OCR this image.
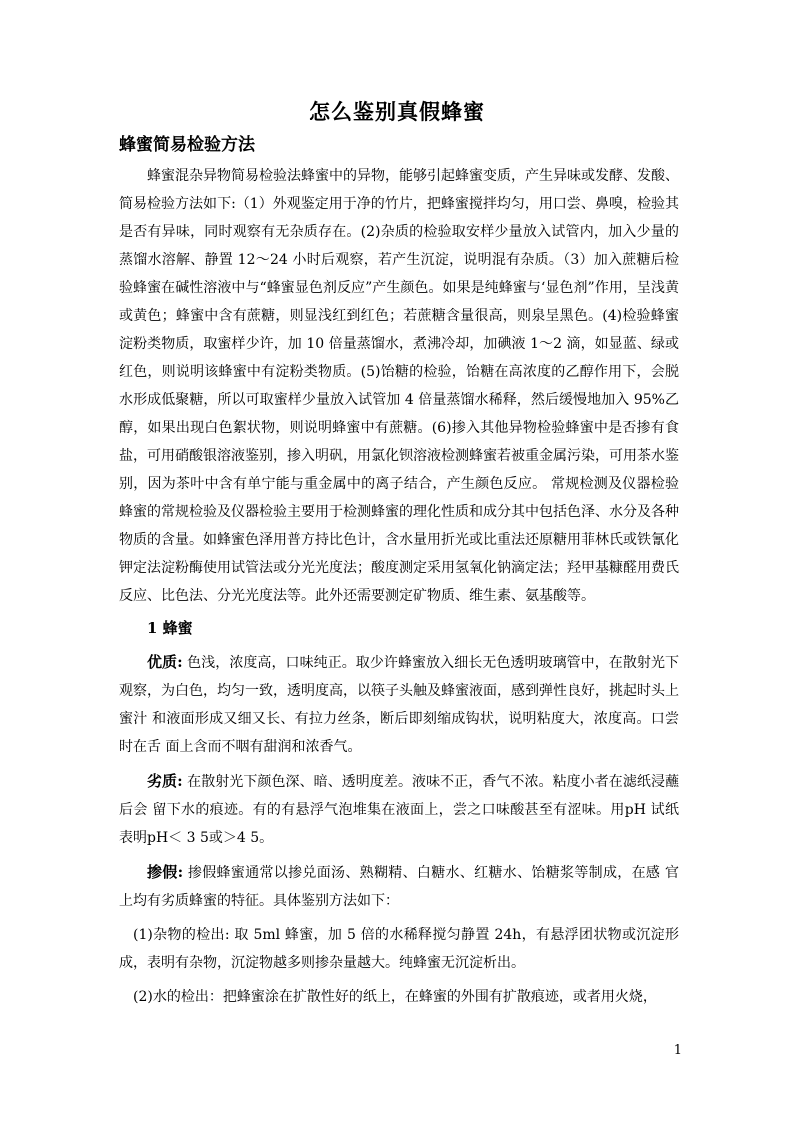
怎么鉴别真假蜂蜜
蜂蜜简易检验方法

蜂蜜混杂异物简易检验法蜂蜜中的异物，能够引起蜂蜜变质，产生异味或发酵、发酸、简易检验方法如下:（1）外观鉴定用于净的竹片，把蜂蜜搅拌均匀，用口尝、鼻嗅，检验其是否有异味，同时观察有无杂质存在。(2)杂质的检验取安样少量放入试管内，加入少量的蒸馏水溶解、静置 12～24 小时后观察，若产生沉淀，说明混有杂质。（3）加入蔗糖后检验蜂蜜在碱性溶液中与“蜂蜜显色剂反应”产生颜色。如果是纯蜂蜜与‘显色剂”作用，呈浅黄或黄色；蜂蜜中含有蔗糖，则显浅红到红色；若蔗糖含量很高，则泉呈黑色。(4)检验蜂蜜淀粉类物质，取蜜样少许，加 10 倍量蒸馏水，煮沸冷却，加碘液 1～2 滴，如显蓝、绿或红色，则说明该蜂蜜中有淀粉类物质。(5)饴糖的检验，饴糖在高浓度的乙醇作用下，会脱水形成低聚糖，所以可取蜜样少量放入试管加 4 倍量蒸馏水稀释，然后缓慢地加入 95%乙醇，如果出现白色絮状物，则说明蜂蜜中有蔗糖。(6)掺入其他异物检验蜂蜜中是否掺有食盐，可用硝酸银溶液鉴别，掺入明矾，用氯化钡溶液检测蜂蜜若被重金属污染，可用茶水鉴别，因为茶叶中含有单宁能与重金属中的离子结合，产生颜色反应。 常规检测及仪器检验 蜂蜜的常规检验及仪器检验主要用于检测蜂蜜的理化性质和成分其中包括色泽、水分及各种物质的含量。如蜂蜜色泽用普方持比色计，含水量用折光或比重法还原糖用菲林氏或铁氰化钾定法淀粉酶使用试管法或分光光度法；酸度测定采用氢氧化钠滴定法；羟甲基糠醛用费氏反应、比色法、分光光度法等。此外还需要测定矿物质、维生素、氨基酸等。

1 蜂蜜

优质: 色浅，浓度高，口味纯正。取少许蜂蜜放入细长无色透明玻璃管中，在散射光下观察，为白色，均匀一致，透明度高，以筷子头触及蜂蜜液面，感到弹性良好，挑起时头上蜜汁 和液面形成又细又长、有拉力丝条，断后即刻缩成钩状，说明粘度大，浓度高。口尝时在舌 面上含而不咽有甜润和浓香气。

劣质: 在散射光下颜色深、暗、透明度差。液味不正，香气不浓。粘度小者在滤纸浸蘸后会 留下水的痕迹。有的有悬浮气泡堆集在液面上，尝之口味酸甚至有涩味。用pH 试纸表明pH＜ 3 5或＞4 5。

掺假: 掺假蜂蜜通常以掺兑面汤、熟糊精、白糖水、红糖水、饴糖浆等制成，在感 官上均有劣质蜂蜜的特征。具体鉴别方法如下：

(1)杂物的检出: 取 5ml 蜂蜜，加 5 倍的水稀释搅匀静置 24h，有悬浮团状物或沉淀形成，表明有杂物，沉淀物越多则掺杂量越大。纯蜂蜜无沉淀析出。

(2)水的检出：把蜂蜜涂在扩散性好的纸上，在蜂蜜的外围有扩散痕迹，或者用火烧，

1
